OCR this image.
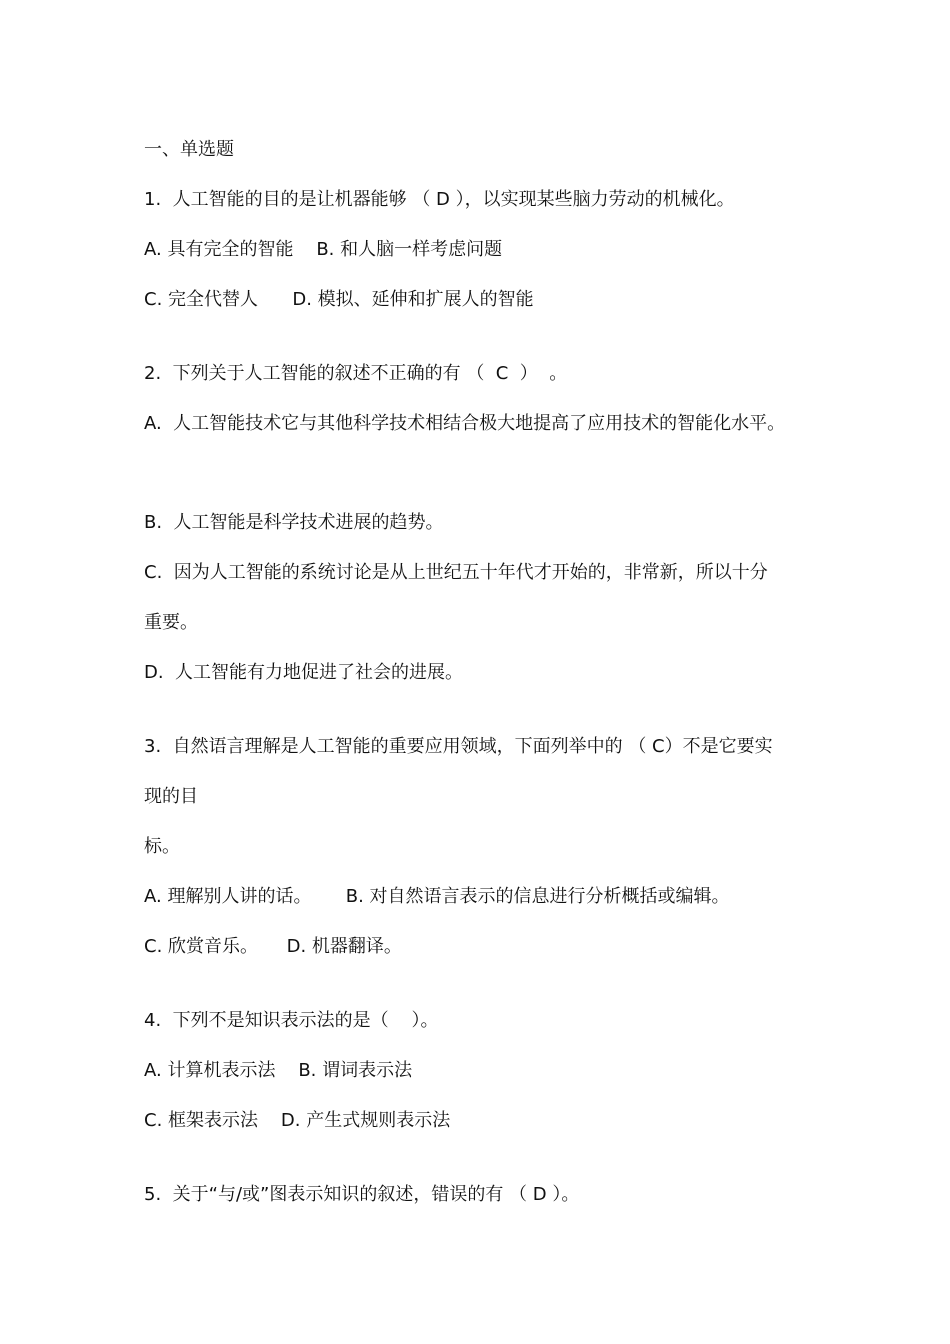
一、单选题
1.  人工智能的目的是让机器能够 （ D ），以实现某些脑力劳动的机械化。
A. 具有完全的智能    B. 和人脑一样考虑问题
C. 完全代替人      D. 模拟、延伸和扩展人的智能
2.  下列关于人工智能的叙述不正确的有 （  C  ）  。
A.  人工智能技术它与其他科学技术相结合极大地提高了应用技术的智能化水平。
B.  人工智能是科学技术进展的趋势。
C.  因为人工智能的系统讨论是从上世纪五十年代才开始的，非常新，所以十分
重要。
D.  人工智能有力地促进了社会的进展。
3.  自然语言理解是人工智能的重要应用领域，下面列举中的 （ C）不是它要实
现的目
标。
A. 理解别人讲的话。      B. 对自然语言表示的信息进行分析概括或编辑。
C. 欣赏音乐。     D. 机器翻译。
4.  下列不是知识表示法的是（    ）。
A. 计算机表示法    B. 谓词表示法
C. 框架表示法    D. 产生式规则表示法
5.  关于“与/或”图表示知识的叙述，错误的有 （ D ）。
